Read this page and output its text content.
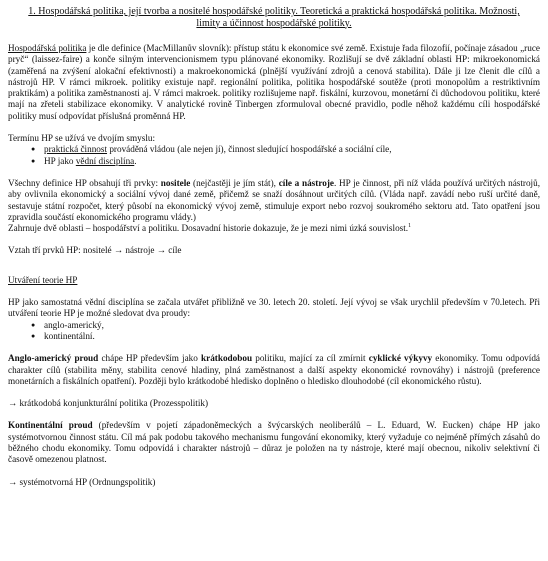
1. Hospodářská politika, její tvorba a nositelé hospodářské politiky. Teoretická a praktická hospodářská politika. Možnosti, limity a účinnost hospodářské politiky.

Hospodářská politika je dle definice (MacMillanův slovník): přístup státu k ekonomice své země. Existuje řada filozofií, počínaje zásadou „ruce pryč“ (laissez-faire) a konče silným intervencionismem typu plánované ekonomiky. Rozlišují se dvě základní oblasti HP: mikroekonomická (zaměřená na zvýšení alokační efektivnosti) a makroekonomická (plnější využívání zdrojů a cenová stabilita). Dále ji lze členit dle cílů a nástrojů HP. V rámci mikroek. politiky existuje např. regionální politika, politika hospodářské soutěže (proti monopolům a restriktivním praktikám) a politika zaměstnanosti aj. V rámci makroek. politiky rozlišujeme např. fiskální, kurzovou, monetární či důchodovou politiku, které mají na zřeteli stabilizace ekonomiky. V analytické rovině Tinbergen zformuloval obecné pravidlo, podle něhož každému cíli hospodářské politiky musí odpovídat příslušná proměnná HP.

Termínu HP se užívá ve dvojím smyslu:

● praktická činnost prováděná vládou (ale nejen jí), činnost sledující hospodářské a sociální cíle,
● HP jako vědní disciplína.

Všechny definice HP obsahují tři prvky: nositele (nejčastěji je jím stát), cíle a nástroje. HP je činnost, při níž vláda používá určitých nástrojů, aby ovlivnila ekonomický a sociální vývoj dané země, přičemž se snaží dosáhnout určitých cílů. (Vláda např. zavádí nebo ruší určité daně, sestavuje státní rozpočet, který působí na ekonomický vývoj země, stimuluje export nebo rozvoj soukromého sektoru atd. Tato opatření jsou zpravidla součástí ekonomického programu vlády.)

Zahrnuje dvě oblasti – hospodářství a politiku. Dosavadní historie dokazuje, že je mezi nimi úzká souvislost.$^1$

Vztah tří prvků HP: nositelé → nástroje → cíle

Utváření teorie HP

HP jako samostatná vědní disciplína se začala utvářet přibližně ve 30. letech 20. století. Její vývoj se však urychlil především v 70.letech. Při utváření teorie HP je možné sledovat dva proudy:

● anglo-americký,
● kontinentální.

Anglo-americký proud chápe HP především jako krátkodobou politiku, mající za cíl zmírnit cyklické výkyvy ekonomiky. Tomu odpovídá charakter cílů (stabilita měny, stabilita cenové hladiny, plná zaměstnanost a další aspekty ekonomické rovnováhy) i nástrojů (preference monetárních a fiskálních opatření). Později bylo krátkodobé hledisko doplněno o hledisko dlouhodobé (cíl ekonomického růstu).

→ krátkodobá konjunkturální politika (Prozesspolitik)

Kontinentální proud (především v pojetí západoněmeckých a švýcarských neoliberálů – L. Eduard, W. Eucken) chápe HP jako systémotvornou činnost státu. Cíl má pak podobu takového mechanismu fungování ekonomiky, který vyžaduje co nejméně přímých zásahů do běžného chodu ekonomiky. Tomu odpovídá i charakter nástrojů – důraz je položen na ty nástroje, které mají obecnou, nikoliv selektivní či časově omezenou platnost.

→ systémotvorná HP (Ordnungspolitik)
